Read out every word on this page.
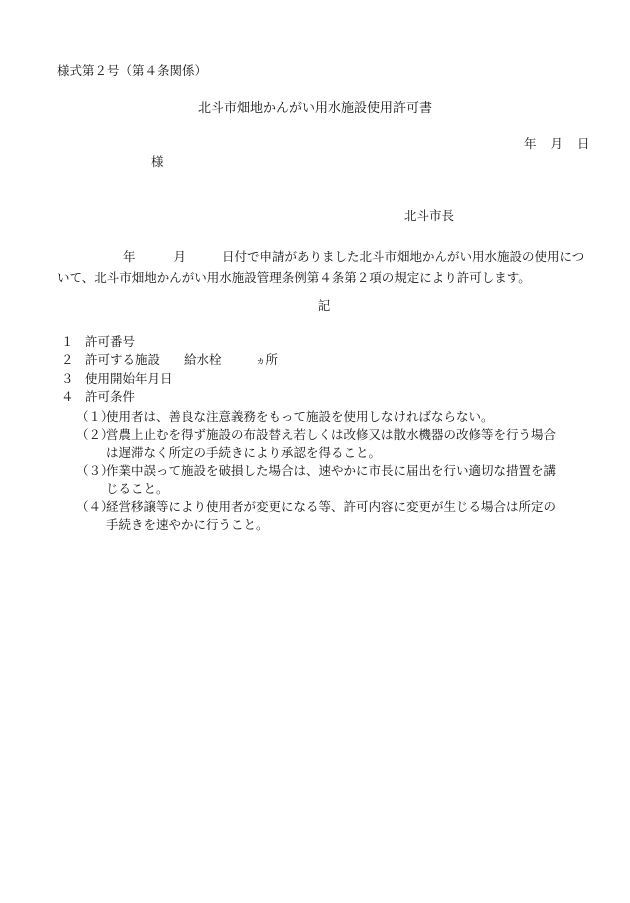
様式第２号（第４条関係）
北斗市畑地かんがい用水施設使用許可書
年 月 日
様
北斗市長
年	月	日付で申請がありました北斗市畑地かんがい用水施設の使用について、北斗市畑地かんがい用水施設管理条例第４条第２項の規定により許可します。
記
１ 許可番号
２ 許可する施設 給水栓	ヵ所
３ 使用開始年月日
４ 許可条件
（１）
使用者は、善良な注意義務をもって施設を使用しなければならない。
（２）
営農上止むを得ず施設の布設替え若しくは改修又は散水機器の改修等を行う場合
は遅滞なく所定の手続きにより承認を得ること。
（３）
作業中誤って施設を破損した場合は、速やかに市長に届出を行い適切な措置を講
じること。
（４）
経営移譲等により使用者が変更になる等、許可内容に変更が生じる場合は所定の
手続きを速やかに行うこと。
